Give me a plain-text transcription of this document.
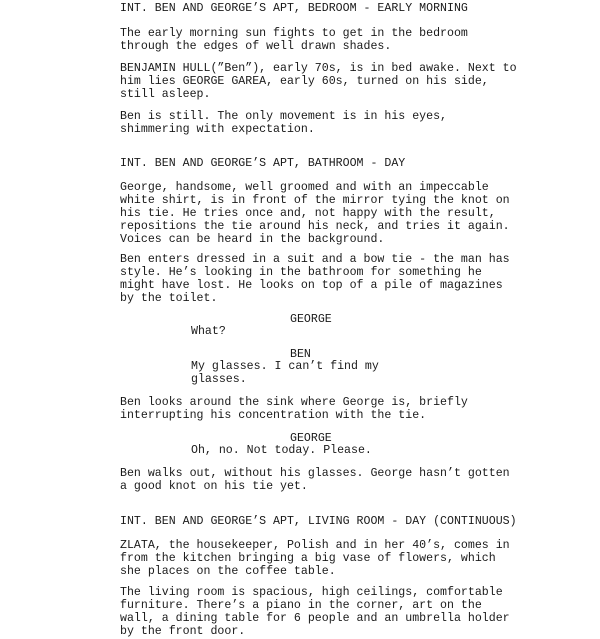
INT. BEN AND GEORGE’S APT, BEDROOM - EARLY MORNING
The early morning sun fights to get in the bedroom
through the edges of well drawn shades.
BENJAMIN HULL(”Ben”), early 70s, is in bed awake. Next to
him lies GEORGE GAREA, early 60s, turned on his side,
still asleep.
Ben is still. The only movement is in his eyes,
shimmering with expectation.
INT. BEN AND GEORGE’S APT, BATHROOM - DAY
George, handsome, well groomed and with an impeccable
white shirt, is in front of the mirror tying the knot on
his tie. He tries once and, not happy with the result,
repositions the tie around his neck, and tries it again.
Voices can be heard in the background.
Ben enters dressed in a suit and a bow tie - the man has
style. He’s looking in the bathroom for something he
might have lost. He looks on top of a pile of magazines
by the toilet.
GEORGE
What?
BEN
My glasses. I can’t find my
glasses.
Ben looks around the sink where George is, briefly
interrupting his concentration with the tie.
GEORGE
Oh, no. Not today. Please.
Ben walks out, without his glasses. George hasn’t gotten
a good knot on his tie yet.
INT. BEN AND GEORGE’S APT, LIVING ROOM - DAY (CONTINUOUS)
ZLATA, the housekeeper, Polish and in her 40’s, comes in
from the kitchen bringing a big vase of flowers, which
she places on the coffee table.
The living room is spacious, high ceilings, comfortable
furniture. There’s a piano in the corner, art on the
wall, a dining table for 6 people and an umbrella holder
by the front door.
